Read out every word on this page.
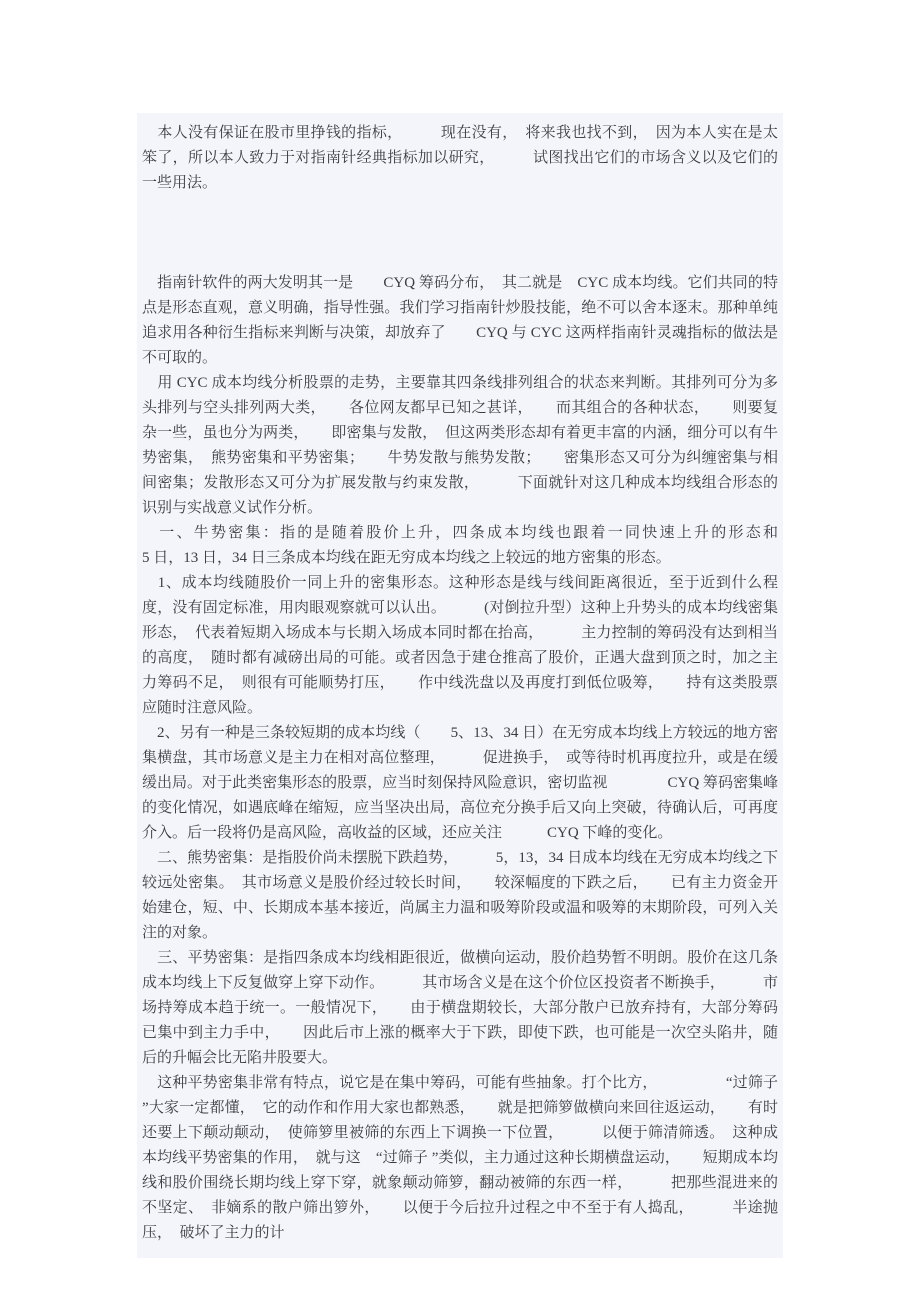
　本人没有保证在股市里挣钱的指标，　　　现在没有，　将来我也找不到，　因为本人实在是太笨了，所以本人致力于对指南针经典指标加以研究，　　　试图找出它们的市场含义以及它们的一些用法。

　指南针软件的两大发明其一是　　CYQ 筹码分布，　其二就是　CYC 成本均线。它们共同的特点是形态直观，意义明确，指导性强。我们学习指南针炒股技能，绝不可以舍本逐末。那种单纯追求用各种衍生指标来判断与决策，却放弃了　　CYQ 与 CYC 这两样指南针灵魂指标的做法是不可取的。

　用 CYC 成本均线分析股票的走势，主要靠其四条线排列组合的状态来判断。其排列可分为多头排列与空头排列两大类，　　各位网友都早已知之甚详，　　而其组合的各种状态，　　则要复杂一些，虽也分为两类，　　即密集与发散，　但这两类形态却有着更丰富的内涵，细分可以有牛势密集，　熊势密集和平势密集；　　牛势发散与熊势发散；　　密集形态又可分为纠缠密集与相间密集；发散形态又可分为扩展发散与约束发散，　　　下面就针对这几种成本均线组合形态的识别与实战意义试作分析。

　一、牛势密集：指的是随着股价上升，四条成本均线也跟着一同快速上升的形态和　　　　　5 日，13 日，34 日三条成本均线在距无穷成本均线之上较远的地方密集的形态。

　1、成本均线随股价一同上升的密集形态。这种形态是线与线间距离很近，至于近到什么程度，没有固定标准，用肉眼观察就可以认出。　　　(对倒拉升型）这种上升势头的成本均线密集形态，　代表着短期入场成本与长期入场成本同时都在抬高，　　　主力控制的筹码没有达到相当的高度，　随时都有减磅出局的可能。或者因急于建仓推高了股价，正遇大盘到顶之时，加之主力筹码不足，　则很有可能顺势打压，　　作中线洗盘以及再度打到低位吸筹，　　持有这类股票应随时注意风险。

　2、另有一种是三条较短期的成本均线（　　5、13、34 日）在无穷成本均线上方较远的地方密集横盘，其市场意义是主力在相对高位整理，　　　促进换手，　或等待时机再度拉升，或是在缓缓出局。对于此类密集形态的股票，应当时刻保持风险意识，密切监视　　　　CYQ 筹码密集峰的变化情况，如遇底峰在缩短，应当坚决出局，高位充分换手后又向上突破，待确认后，可再度介入。后一段将仍是高风险，高收益的区域，还应关注　　　CYQ 下峰的变化。

　二、熊势密集：是指股价尚未摆脱下跌趋势，　　　5，13，34 日成本均线在无穷成本均线之下较远处密集。　其市场意义是股价经过较长时间，　　较深幅度的下跌之后，　　已有主力资金开始建仓，短、中、长期成本基本接近，尚属主力温和吸筹阶段或温和吸筹的末期阶段，可列入关注的对象。

　三、平势密集：是指四条成本均线相距很近，做横向运动，股价趋势暂不明朗。股价在这几条成本均线上下反复做穿上穿下动作。　　　其市场含义是在这个价位区投资者不断换手，　　　市场持筹成本趋于统一。一般情况下，　　由于横盘期较长，大部分散户已放弃持有，大部分筹码已集中到主力手中，　　因此后市上涨的概率大于下跌，即使下跌，也可能是一次空头陷井，随后的升幅会比无陷井股要大。

　这种平势密集非常有特点，说它是在集中筹码，可能有些抽象。打个比方，　　　　　“过筛子 ”大家一定都懂，　它的动作和作用大家也都熟悉，　　就是把筛箩做横向来回往返运动，　　有时还要上下颠动颠动，　使筛箩里被筛的东西上下调换一下位置，　　　以便于筛清筛透。　这种成本均线平势密集的作用，　就与这　“过筛子 ”类似，主力通过这种长期横盘运动，　　短期成本均线和股价围绕长期均线上穿下穿，就象颠动筛箩，翻动被筛的东西一样，　　　把那些混进来的不坚定、　非嫡系的散户筛出箩外，　　以便于今后拉升过程之中不至于有人捣乱，　　　半途抛压，　破坏了主力的计
